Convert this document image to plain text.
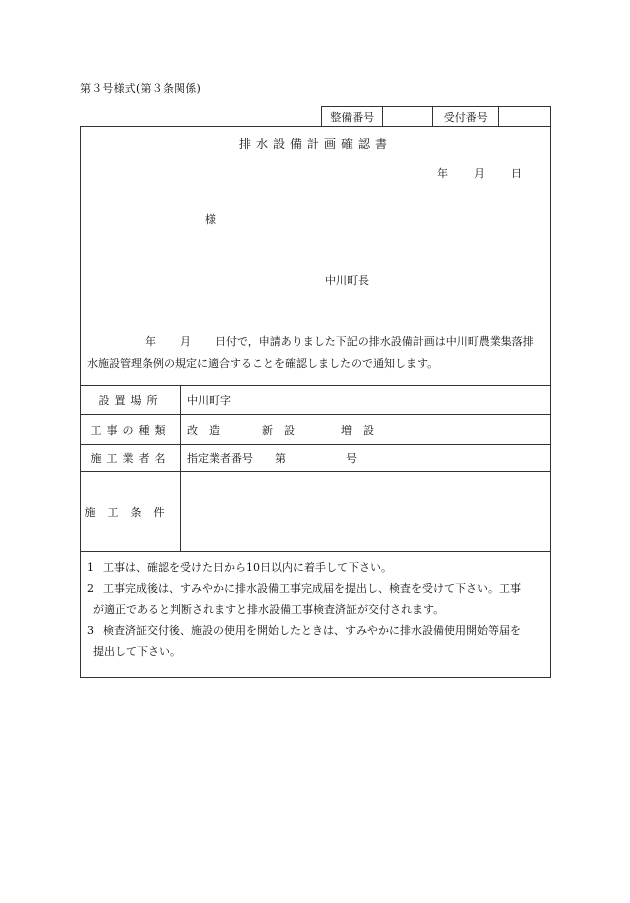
第３号様式(第３条関係)
整備番号	受付番号
排水設備計画確認書
年 月 日
様
中川町長
年 月 日付で，申請ありました下記の排水設備計画は中川町農業集落排
水施設管理条例の規定に適合することを確認しましたので通知します。
設置場所	中川町字
工事の種類	改　造	新　設	増　設
施工業者名	指定業者番号 第	号
施工条件
1 工事は、確認を受けた日から10日以内に着手して下さい。
2 工事完成後は、すみやかに排水設備工事完成届を提出し、検査を受けて下さい。工事
が適正であると判断されますと排水設備工事検査済証が交付されます。
3 検査済証交付後、施設の使用を開始したときは、すみやかに排水設備使用開始等届を
提出して下さい。
